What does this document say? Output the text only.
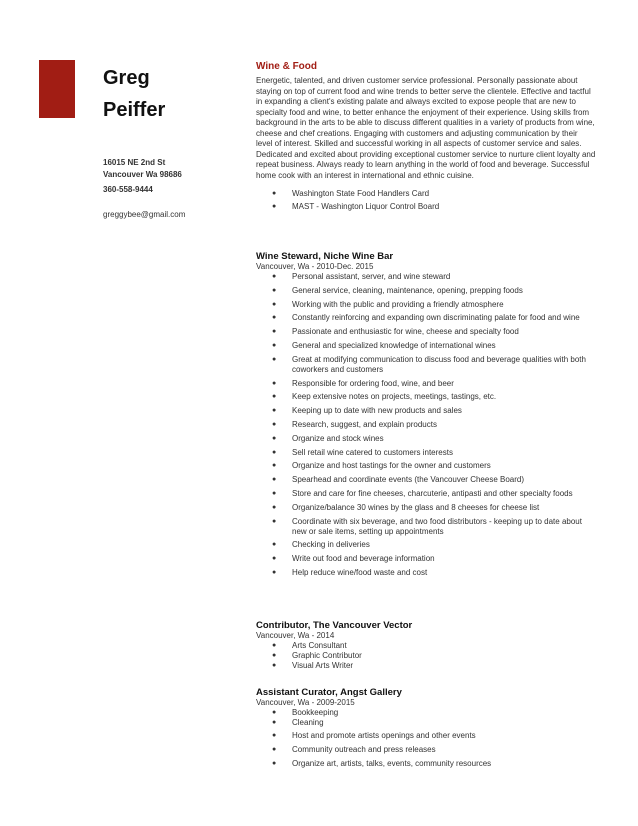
Greg
Peiffer
16015 NE 2nd St
Vancouver Wa 98686
360-558-9444
greggybee@gmail.com
Wine & Food
Energetic, talented, and driven customer service professional. Personally passionate about staying on top of current food and wine trends to better serve the clientele. Effective and tactful in expanding a client's existing palate and always excited to expose people that are new to specialty food and wine, to better enhance the enjoyment of their experience. Using skills from background in the arts to be able to discuss different qualities in a variety of products from wine, cheese and chef creations. Engaging with customers and adjusting communication by their level of interest. Skilled and successful working in all aspects of customer service and sales. Dedicated and excited about providing exceptional customer service to nurture client loyalty and repeat business. Always ready to learn anything in the world of food and beverage. Successful home cook with an interest in international and ethnic cuisine.
● Washington State Food Handlers Card
● MAST - Washington Liquor Control Board
Wine Steward, Niche Wine Bar
Vancouver, Wa - 2010-Dec. 2015
● Personal assistant, server, and wine steward
● General service, cleaning, maintenance, opening, prepping foods
● Working with the public and providing a friendly atmosphere
● Constantly reinforcing and expanding own discriminating palate for food and wine
● Passionate and enthusiastic for wine, cheese and specialty food
● General and specialized knowledge of international wines
● Great at modifying communication to discuss food and beverage qualities with both coworkers and customers
● Responsible for ordering food, wine, and beer
● Keep extensive notes on projects, meetings, tastings, etc.
● Keeping up to date with new products and sales
● Research, suggest, and explain products
● Organize and stock wines
● Sell retail wine catered to customers interests
● Organize and host tastings for the owner and customers
● Spearhead and coordinate events (the Vancouver Cheese Board)
● Store and care for fine cheeses, charcuterie, antipasti and other specialty foods
● Organize/balance 30 wines by the glass and 8 cheeses for cheese list
● Coordinate with six beverage, and two food distributors - keeping up to date about new or sale items, setting up appointments
● Checking in deliveries
● Write out food and beverage information
● Help reduce wine/food waste and cost
Contributor, The Vancouver Vector
Vancouver, Wa - 2014
● Arts Consultant
● Graphic Contributor
● Visual Arts Writer
Assistant Curator, Angst Gallery
Vancouver, Wa - 2009-2015
● Bookkeeping
● Cleaning
● Host and promote artists openings and other events
● Community outreach and press releases
● Organize art, artists, talks, events, community resources
